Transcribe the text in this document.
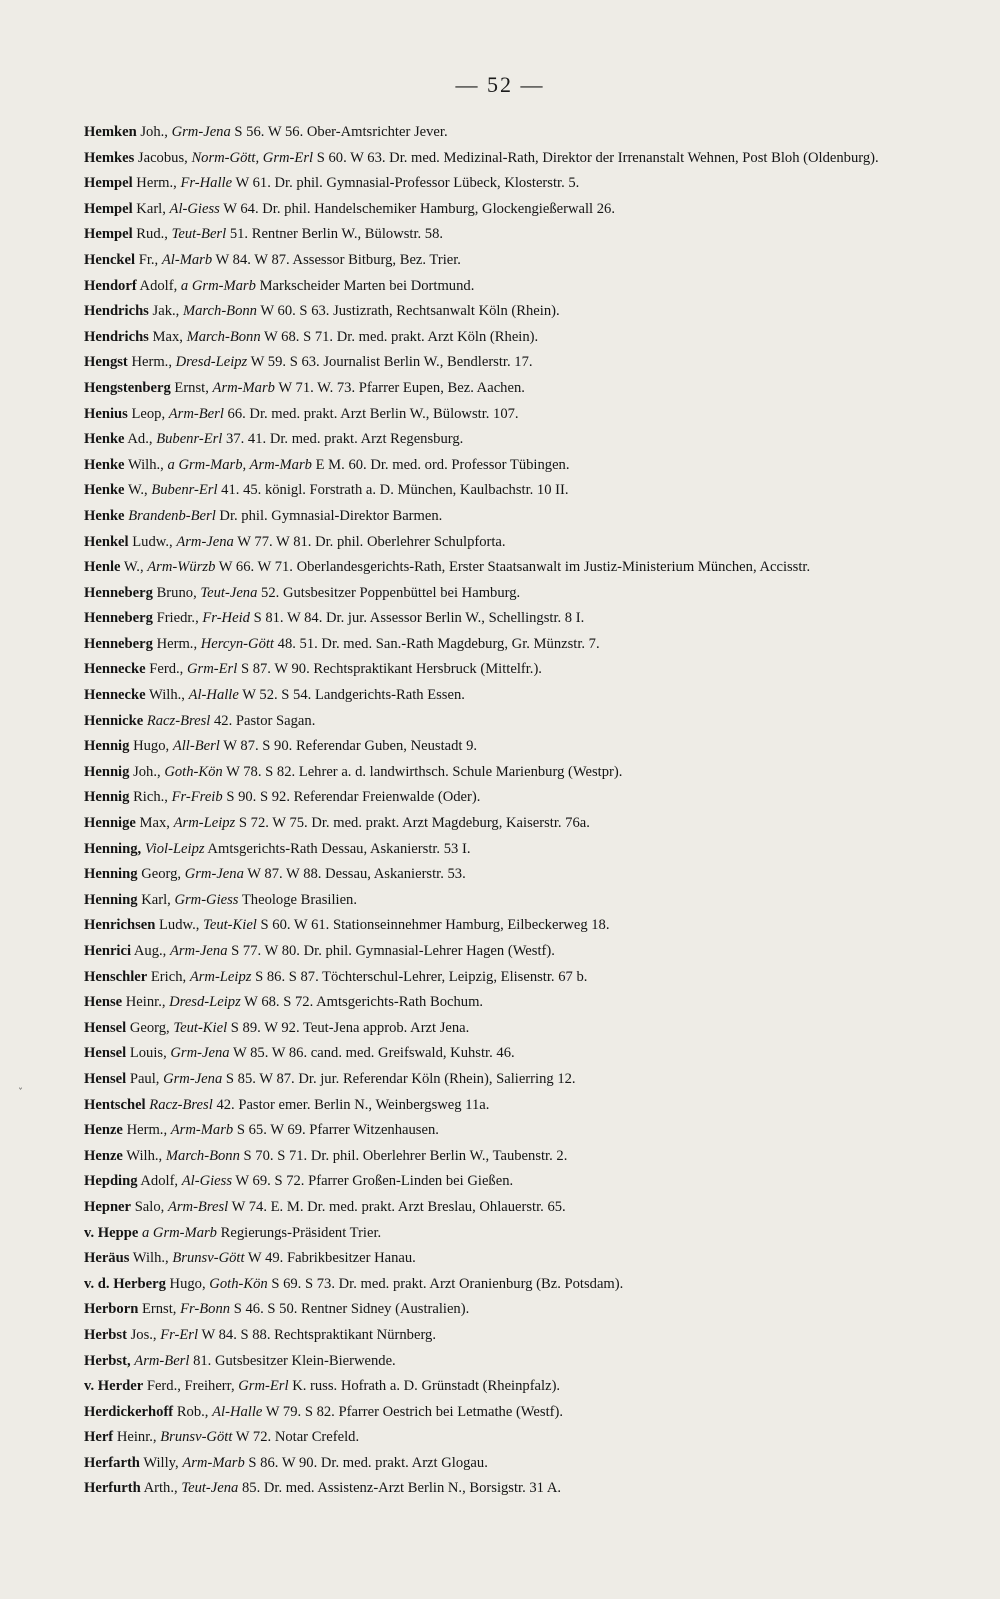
— 52 —
ˇ
Hemken Joh., Grm-Jena S 56. W 56. Ober-Amtsrichter Jever.
Hemkes Jacobus, Norm-Gött, Grm-Erl S 60. W 63. Dr. med. Medizinal-Rath, Direktor der Irrenanstalt Wehnen, Post Bloh (Oldenburg).
Hempel Herm., Fr-Halle W 61. Dr. phil. Gymnasial-Professor Lübeck, Klosterstr. 5.
Hempel Karl, Al-Giess W 64. Dr. phil. Handelschemiker Hamburg, Glockengießerwall 26.
Hempel Rud., Teut-Berl 51. Rentner Berlin W., Bülowstr. 58.
Henckel Fr., Al-Marb W 84. W 87. Assessor Bitburg, Bez. Trier.
Hendorf Adolf, a Grm-Marb Markscheider Marten bei Dortmund.
Hendrichs Jak., March-Bonn W 60. S 63. Justizrath, Rechtsanwalt Köln (Rhein).
Hendrichs Max, March-Bonn W 68. S 71. Dr. med. prakt. Arzt Köln (Rhein).
Hengst Herm., Dresd-Leipz W 59. S 63. Journalist Berlin W., Bendlerstr. 17.
Hengstenberg Ernst, Arm-Marb W 71. W. 73. Pfarrer Eupen, Bez. Aachen.
Henius Leop, Arm-Berl 66. Dr. med. prakt. Arzt Berlin W., Bülowstr. 107.
Henke Ad., Bubenr-Erl 37. 41. Dr. med. prakt. Arzt Regensburg.
Henke Wilh., a Grm-Marb, Arm-Marb E M. 60. Dr. med. ord. Professor Tübingen.
Henke W., Bubenr-Erl 41. 45. königl. Forstrath a. D. München, Kaulbachstr. 10 II.
Henke Brandenb-Berl Dr. phil. Gymnasial-Direktor Barmen.
Henkel Ludw., Arm-Jena W 77. W 81. Dr. phil. Oberlehrer Schulpforta.
Henle W., Arm-Würzb W 66. W 71. Oberlandesgerichts-Rath, Erster Staatsanwalt im Justiz-Ministerium München, Accisstr.
Henneberg Bruno, Teut-Jena 52. Gutsbesitzer Poppenbüttel bei Hamburg.
Henneberg Friedr., Fr-Heid S 81. W 84. Dr. jur. Assessor Berlin W., Schellingstr. 8 I.
Henneberg Herm., Hercyn-Gött 48. 51. Dr. med. San.-Rath Magdeburg, Gr. Münzstr. 7.
Hennecke Ferd., Grm-Erl S 87. W 90. Rechtspraktikant Hersbruck (Mittelfr.).
Hennecke Wilh., Al-Halle W 52. S 54. Landgerichts-Rath Essen.
Hennicke Racz-Bresl 42. Pastor Sagan.
Hennig Hugo, All-Berl W 87. S 90. Referendar Guben, Neustadt 9.
Hennig Joh., Goth-Kön W 78. S 82. Lehrer a. d. landwirthsch. Schule Marienburg (Westpr).
Hennig Rich., Fr-Freib S 90. S 92. Referendar Freienwalde (Oder).
Hennige Max, Arm-Leipz S 72. W 75. Dr. med. prakt. Arzt Magdeburg, Kaiserstr. 76a.
Henning, Viol-Leipz Amtsgerichts-Rath Dessau, Askanierstr. 53 I.
Henning Georg, Grm-Jena W 87. W 88. Dessau, Askanierstr. 53.
Henning Karl, Grm-Giess Theologe Brasilien.
Henrichsen Ludw., Teut-Kiel S 60. W 61. Stationseinnehmer Hamburg, Eilbeckerweg 18.
Henrici Aug., Arm-Jena S 77. W 80. Dr. phil. Gymnasial-Lehrer Hagen (Westf).
Henschler Erich, Arm-Leipz S 86. S 87. Töchterschul-Lehrer, Leipzig, Elisenstr. 67 b.
Hense Heinr., Dresd-Leipz W 68. S 72. Amtsgerichts-Rath Bochum.
Hensel Georg, Teut-Kiel S 89. W 92. Teut-Jena approb. Arzt Jena.
Hensel Louis, Grm-Jena W 85. W 86. cand. med. Greifswald, Kuhstr. 46.
Hensel Paul, Grm-Jena S 85. W 87. Dr. jur. Referendar Köln (Rhein), Salierring 12.
Hentschel Racz-Bresl 42. Pastor emer. Berlin N., Weinbergsweg 11a.
Henze Herm., Arm-Marb S 65. W 69. Pfarrer Witzenhausen.
Henze Wilh., March-Bonn S 70. S 71. Dr. phil. Oberlehrer Berlin W., Taubenstr. 2.
Hepding Adolf, Al-Giess W 69. S 72. Pfarrer Großen-Linden bei Gießen.
Hepner Salo, Arm-Bresl W 74. E. M. Dr. med. prakt. Arzt Breslau, Ohlauerstr. 65.
v. Heppe a Grm-Marb Regierungs-Präsident Trier.
Heräus Wilh., Brunsv-Gött W 49. Fabrikbesitzer Hanau.
v. d. Herberg Hugo, Goth-Kön S 69. S 73. Dr. med. prakt. Arzt Oranienburg (Bz. Potsdam).
Herborn Ernst, Fr-Bonn S 46. S 50. Rentner Sidney (Australien).
Herbst Jos., Fr-Erl W 84. S 88. Rechtspraktikant Nürnberg.
Herbst, Arm-Berl 81. Gutsbesitzer Klein-Bierwende.
v. Herder Ferd., Freiherr, Grm-Erl K. russ. Hofrath a. D. Grünstadt (Rheinpfalz).
Herdickerhoff Rob., Al-Halle W 79. S 82. Pfarrer Oestrich bei Letmathe (Westf).
Herf Heinr., Brunsv-Gött W 72. Notar Crefeld.
Herfarth Willy, Arm-Marb S 86. W 90. Dr. med. prakt. Arzt Glogau.
Herfurth Arth., Teut-Jena 85. Dr. med. Assistenz-Arzt Berlin N., Borsigstr. 31 A.
